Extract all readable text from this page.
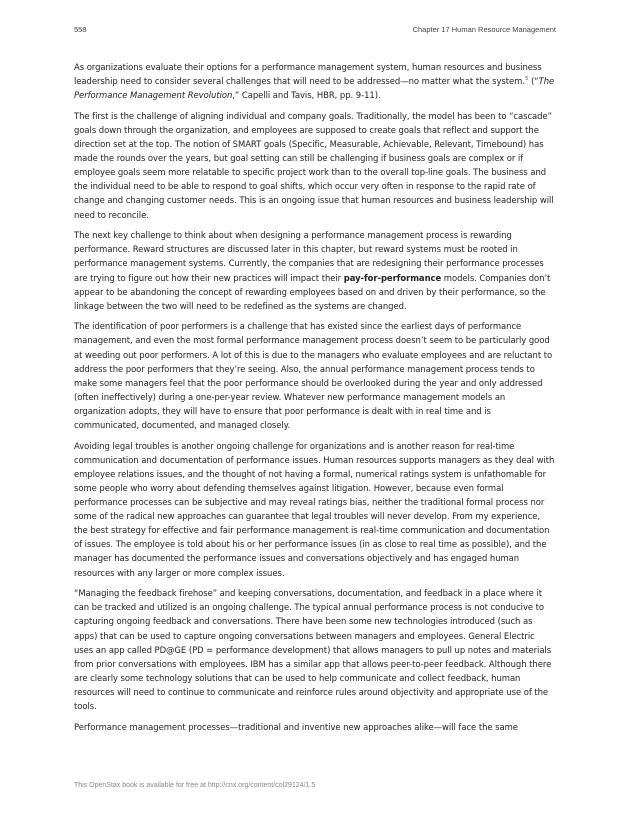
558	Chapter 17 Human Resource Management

As organizations evaluate their options for a performance management system, human resources and business leadership need to consider several challenges that will need to be addressed—no matter what the system.$^5$ (“The Performance Management Revolution,” Capelli and Tavis, HBR, pp. 9-11).

The first is the challenge of aligning individual and company goals. Traditionally, the model has been to “cascade” goals down through the organization, and employees are supposed to create goals that reflect and support the direction set at the top. The notion of SMART goals (Specific, Measurable, Achievable, Relevant, Timebound) has made the rounds over the years, but goal setting can still be challenging if business goals are complex or if employee goals seem more relatable to specific project work than to the overall top-line goals. The business and the individual need to be able to respond to goal shifts, which occur very often in response to the rapid rate of change and changing customer needs. This is an ongoing issue that human resources and business leadership will need to reconcile.

The next key challenge to think about when designing a performance management process is rewarding performance. Reward structures are discussed later in this chapter, but reward systems must be rooted in performance management systems. Currently, the companies that are redesigning their performance processes are trying to figure out how their new practices will impact their pay-for-performance models. Companies don’t appear to be abandoning the concept of rewarding employees based on and driven by their performance, so the linkage between the two will need to be redefined as the systems are changed.

The identification of poor performers is a challenge that has existed since the earliest days of performance management, and even the most formal performance management process doesn’t seem to be particularly good at weeding out poor performers. A lot of this is due to the managers who evaluate employees and are reluctant to address the poor performers that they’re seeing. Also, the annual performance management process tends to make some managers feel that the poor performance should be overlooked during the year and only addressed (often ineffectively) during a one-per-year review. Whatever new performance management models an organization adopts, they will have to ensure that poor performance is dealt with in real time and is communicated, documented, and managed closely.

Avoiding legal troubles is another ongoing challenge for organizations and is another reason for real-time communication and documentation of performance issues. Human resources supports managers as they deal with employee relations issues, and the thought of not having a formal, numerical ratings system is unfathomable for some people who worry about defending themselves against litigation. However, because even formal performance processes can be subjective and may reveal ratings bias, neither the traditional formal process nor some of the radical new approaches can guarantee that legal troubles will never develop. From my experience, the best strategy for effective and fair performance management is real-time communication and documentation of issues. The employee is told about his or her performance issues (in as close to real time as possible), and the manager has documented the performance issues and conversations objectively and has engaged human resources with any larger or more complex issues.

“Managing the feedback firehose” and keeping conversations, documentation, and feedback in a place where it can be tracked and utilized is an ongoing challenge. The typical annual performance process is not conducive to capturing ongoing feedback and conversations. There have been some new technologies introduced (such as apps) that can be used to capture ongoing conversations between managers and employees. General Electric uses an app called PD@GE (PD = performance development) that allows managers to pull up notes and materials from prior conversations with employees. IBM has a similar app that allows peer-to-peer feedback. Although there are clearly some technology solutions that can be used to help communicate and collect feedback, human resources will need to continue to communicate and reinforce rules around objectivity and appropriate use of the tools.

Performance management processes—traditional and inventive new approaches alike—will face the same

This OpenStax book is available for free at http://cnx.org/content/col29124/1.5
